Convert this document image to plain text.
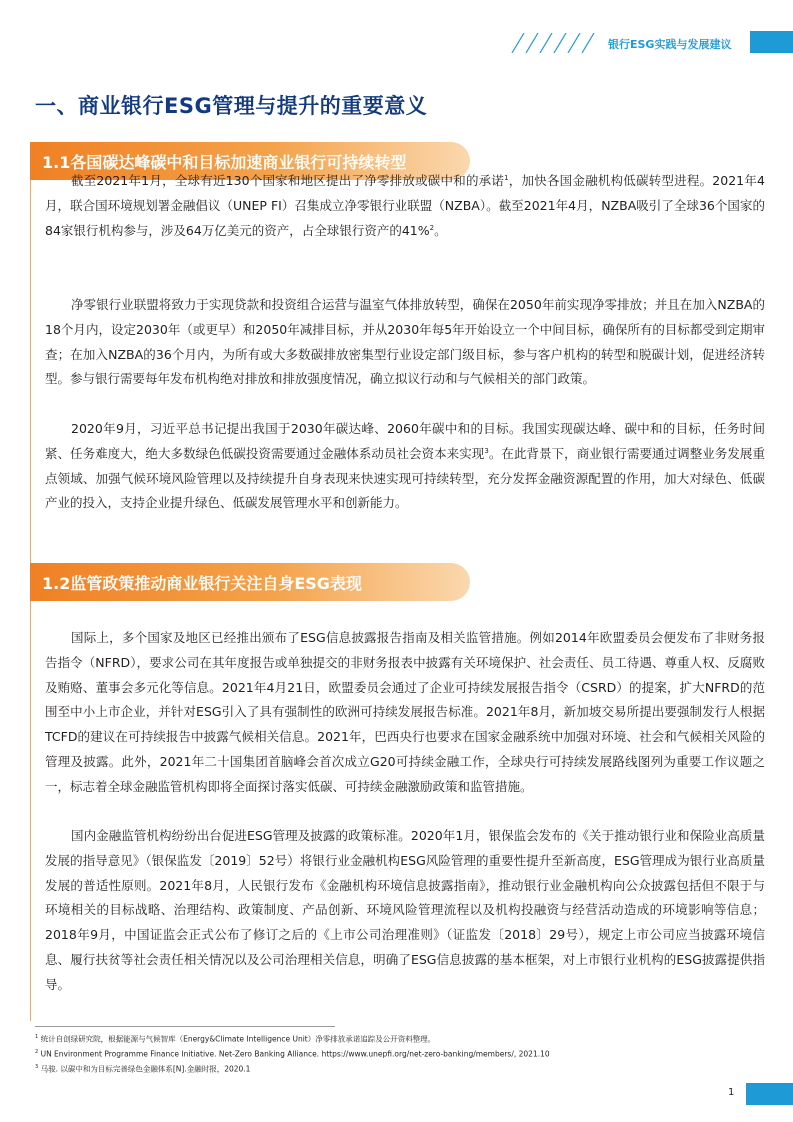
银行ESG实践与发展建议
一、商业银行ESG管理与提升的重要意义
1.1各国碳达峰碳中和目标加速商业银行可持续转型

截至2021年1月，全球有近130个国家和地区提出了净零排放或碳中和的承诺$^1$，加快各国金融机构低碳转型进程。2021年4月，联合国环境规划署金融倡议（UNEP FI）召集成立净零银行业联盟（NZBA）。截至2021年4月，NZBA吸引了全球36个国家的84家银行机构参与，涉及64万亿美元的资产，占全球银行资产的41%$^2$。

净零银行业联盟将致力于实现贷款和投资组合运营与温室气体排放转型，确保在2050年前实现净零排放；并且在加入NZBA的18个月内，设定2030年（或更早）和2050年减排目标，并从2030年每5年开始设立一个中间目标，确保所有的目标都受到定期审查；在加入NZBA的36个月内，为所有或大多数碳排放密集型行业设定部门级目标，参与客户机构的转型和脱碳计划，促进经济转型。参与银行需要每年发布机构绝对排放和排放强度情况，确立拟议行动和与气候相关的部门政策。

2020年9月，习近平总书记提出我国于2030年碳达峰、2060年碳中和的目标。我国实现碳达峰、碳中和的目标，任务时间紧、任务难度大，绝大多数绿色低碳投资需要通过金融体系动员社会资本来实现$^3$。在此背景下，商业银行需要通过调整业务发展重点领域、加强气候环境风险管理以及持续提升自身表现来快速实现可持续转型，充分发挥金融资源配置的作用，加大对绿色、低碳产业的投入，支持企业提升绿色、低碳发展管理水平和创新能力。

1.2监管政策推动商业银行关注自身ESG表现

国际上，多个国家及地区已经推出颁布了ESG信息披露报告指南及相关监管措施。例如2014年欧盟委员会便发布了非财务报告指令（NFRD），要求公司在其年度报告或单独提交的非财务报表中披露有关环境保护、社会责任、员工待遇、尊重人权、反腐败及贿赂、董事会多元化等信息。2021年4月21日，欧盟委员会通过了企业可持续发展报告指令（CSRD）的提案，扩大NFRD的范围至中小上市企业，并针对ESG引入了具有强制性的欧洲可持续发展报告标准。2021年8月，新加坡交易所提出要强制发行人根据TCFD的建议在可持续报告中披露气候相关信息。2021年，巴西央行也要求在国家金融系统中加强对环境、社会和气候相关风险的管理及披露。此外，2021年二十国集团首脑峰会首次成立G20可持续金融工作，全球央行可持续发展路线图列为重要工作议题之一，标志着全球金融监管机构即将全面探讨落实低碳、可持续金融激励政策和监管措施。

国内金融监管机构纷纷出台促进ESG管理及披露的政策标准。2020年1月，银保监会发布的《关于推动银行业和保险业高质量发展的指导意见》（银保监发〔2019〕52号）将银行业金融机构ESG风险管理的重要性提升至新高度，ESG管理成为银行业高质量发展的普适性原则。2021年8月，人民银行发布《金融机构环境信息披露指南》，推动银行业金融机构向公众披露包括但不限于与环境相关的目标战略、治理结构、政策制度、产品创新、环境风险管理流程以及机构投融资与经营活动造成的环境影响等信息；2018年9月，中国证监会正式公布了修订之后的《上市公司治理准则》（证监发〔2018〕29号），规定上市公司应当披露环境信息、履行扶贫等社会责任相关情况以及公司治理相关信息，明确了ESG信息披露的基本框架，对上市银行业机构的ESG披露提供指导。

$^1$ 统计自创绿研究院，根据能源与气候智库（Energy&Climate Intelligence Unit）净零排放承诺追踪及公开资料整理。
$^2$ UN Environment Programme Finance Initiative. Net-Zero Banking Alliance. https://www.unepfi.org/net-zero-banking/members/, 2021.10
$^3$ 马骏. 以碳中和为目标完善绿色金融体系[N].金融时报，2020.1
1
